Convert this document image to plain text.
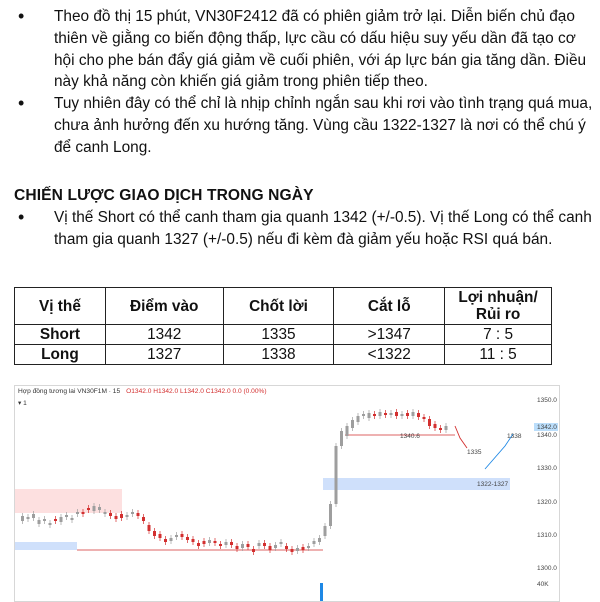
• Theo đồ thị 15 phút, VN30F2412 đã có phiên giảm trở lại. Diễn biến chủ đạo thiên về giằng co biến động thấp, lực cầu có dấu hiệu suy yếu dần đã tạo cơ hội cho phe bán đẩy giá giảm về cuối phiên, với áp lực bán gia tăng dần. Điều này khả năng còn khiến giá giảm trong phiên tiếp theo.
• Tuy nhiên đây có thể chỉ là nhịp chỉnh ngắn sau khi rơi vào tình trạng quá mua, chưa ảnh hưởng đến xu hướng tăng. Vùng cầu 1322-1327 là nơi có thể chú ý để canh Long.
CHIẾN LƯỢC GIAO DỊCH TRONG NGÀY
• Vị thế Short có thể canh tham gia quanh 1342 (+/-0.5). Vị thế Long có thể canh tham gia quanh 1327 (+/-0.5) nếu đi kèm đà giảm yếu hoặc RSI quá bán.
Vị thế	Điểm vào	Chốt lời	Cắt lỗ	Lợi nhuận/
Rủi ro
Short	1342	1335	>1347	7 : 5
Long	1327	1338	<1322	11 : 5
1340.6
1335
1338
1322-1327
1350.0
1340.0
1330.0
1320.0
1310.0
1300.0
1342.0
40K
Hợp đồng tương lai VN30F1M · 15 O1342.0 H1342.0 L1342.0 C1342.0 0.0 (0.00%)
▾ 1
